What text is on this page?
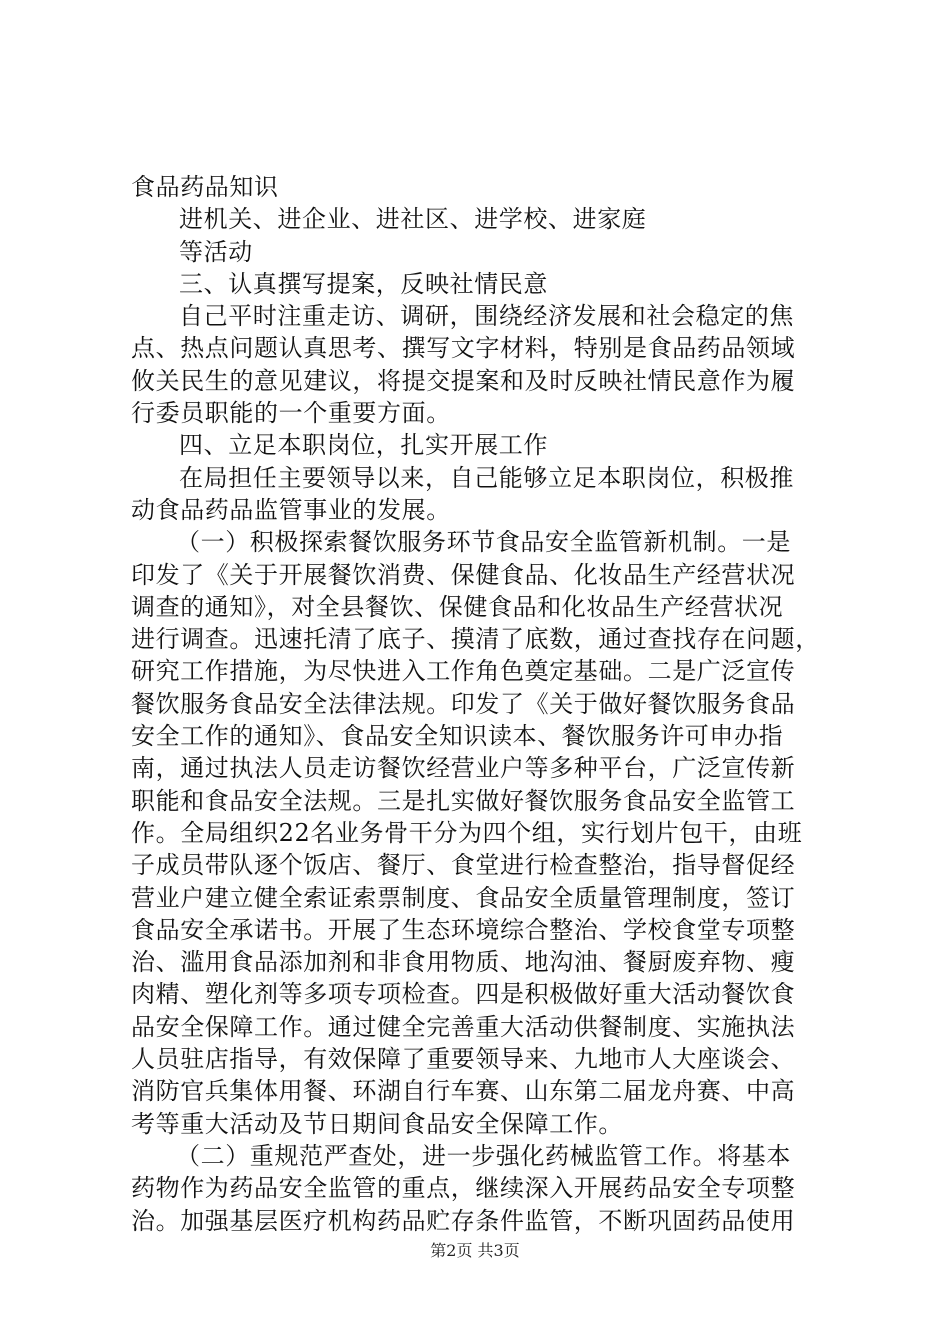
食品药品知识
进机关、进企业、进社区、进学校、进家庭
等活动
三、认真撰写提案，反映社情民意
自己平时注重走访、调研，围绕经济发展和社会稳定的焦
点、热点问题认真思考、撰写文字材料，特别是食品药品领域
攸关民生的意见建议，将提交提案和及时反映社情民意作为履
行委员职能的一个重要方面。
四、立足本职岗位，扎实开展工作
在局担任主要领导以来，自己能够立足本职岗位，积极推
动食品药品监管事业的发展。
（一）积极探索餐饮服务环节食品安全监管新机制。一是
印发了《关于开展餐饮消费、保健食品、化妆品生产经营状况
调查的通知》，对全县餐饮、保健食品和化妆品生产经营状况
进行调查。迅速托清了底子、摸清了底数，通过查找存在问题，
研究工作措施，为尽快进入工作角色奠定基础。二是广泛宣传
餐饮服务食品安全法律法规。印发了《关于做好餐饮服务食品
安全工作的通知》、食品安全知识读本、餐饮服务许可申办指
南，通过执法人员走访餐饮经营业户等多种平台，广泛宣传新
职能和食品安全法规。三是扎实做好餐饮服务食品安全监管工
作。全局组织22名业务骨干分为四个组，实行划片包干，由班
子成员带队逐个饭店、餐厅、食堂进行检查整治，指导督促经
营业户建立健全索证索票制度、食品安全质量管理制度，签订
食品安全承诺书。开展了生态环境综合整治、学校食堂专项整
治、滥用食品添加剂和非食用物质、地沟油、餐厨废弃物、瘦
肉精、塑化剂等多项专项检查。四是积极做好重大活动餐饮食
品安全保障工作。通过健全完善重大活动供餐制度、实施执法
人员驻店指导，有效保障了重要领导来、九地市人大座谈会、
消防官兵集体用餐、环湖自行车赛、山东第二届龙舟赛、中高
考等重大活动及节日期间食品安全保障工作。
（二）重规范严查处，进一步强化药械监管工作。将基本
药物作为药品安全监管的重点，继续深入开展药品安全专项整
治。加强基层医疗机构药品贮存条件监管，不断巩固药品使用
第2页 共3页
